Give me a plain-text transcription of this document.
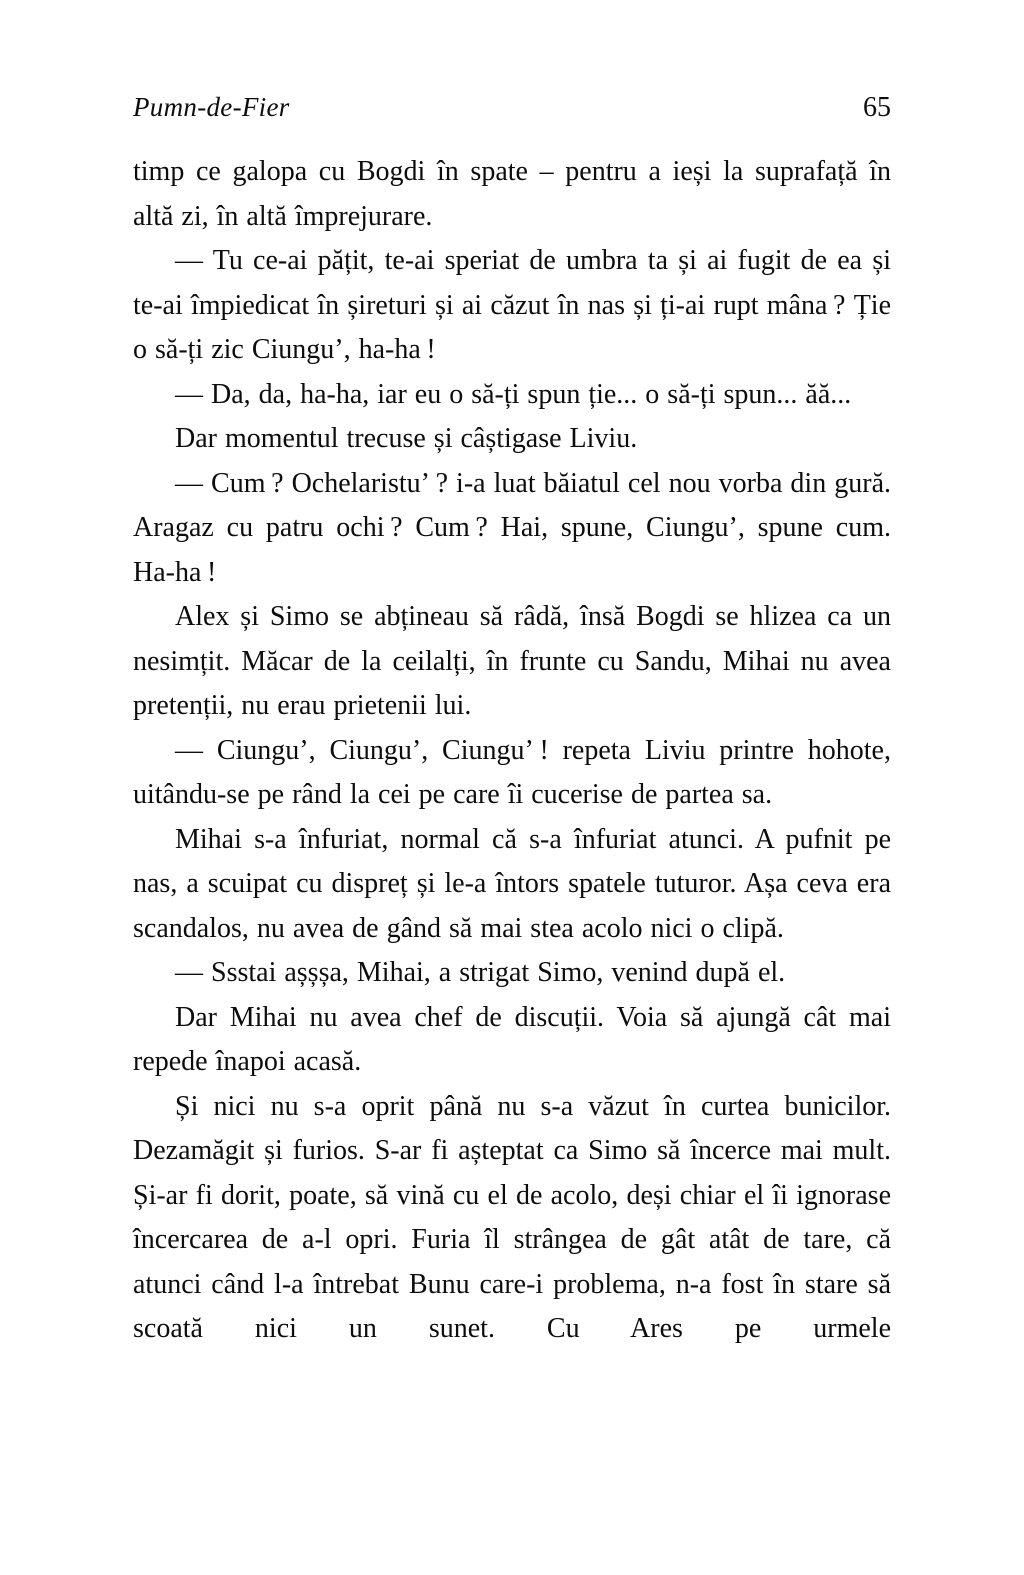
Pumn-de-Fier	65

timp ce galopa cu Bogdi în spate – pentru a ieși la suprafață în altă zi, în altă împrejurare.

— Tu ce-ai pățit, te-ai speriat de umbra ta și ai fugit de ea și te-ai împiedicat în șireturi și ai căzut în nas și ți-ai rupt mâna ? Ție o să-ți zic Ciungu’, ha-ha !

— Da, da, ha-ha, iar eu o să-ți spun ție... o să-ți spun... ăă...

Dar momentul trecuse și câștigase Liviu.

— Cum ? Ochelaristu’ ? i-a luat băiatul cel nou vorba din gură. Aragaz cu patru ochi ? Cum ? Hai, spune, Ciungu’, spune cum. Ha-ha !

Alex și Simo se abțineau să râdă, însă Bogdi se hlizea ca un nesimțit. Măcar de la ceilalți, în frunte cu Sandu, Mihai nu avea pretenții, nu erau prietenii lui.

— Ciungu’, Ciungu’, Ciungu’ ! repeta Liviu printre hohote, uitându-se pe rând la cei pe care îi cucerise de partea sa.

Mihai s-a înfuriat, normal că s-a înfuriat atunci. A pufnit pe nas, a scuipat cu dispreț și le-a întors spatele tuturor. Așa ceva era scandalos, nu avea de gând să mai stea acolo nici o clipă.

— Ssstai așșșa, Mihai, a strigat Simo, venind după el.

Dar Mihai nu avea chef de discuții. Voia să ajungă cât mai repede înapoi acasă.

Și nici nu s-a oprit până nu s-a văzut în curtea bunicilor. Dezamăgit și furios. S-ar fi așteptat ca Simo să încerce mai mult. Și-ar fi dorit, poate, să vină cu el de acolo, deși chiar el îi ignorase încercarea de a-l opri. Furia îl strângea de gât atât de tare, că atunci când l-a întrebat Bunu care-i problema, n-a fost în stare să scoată nici un sunet. Cu Ares pe urmele
